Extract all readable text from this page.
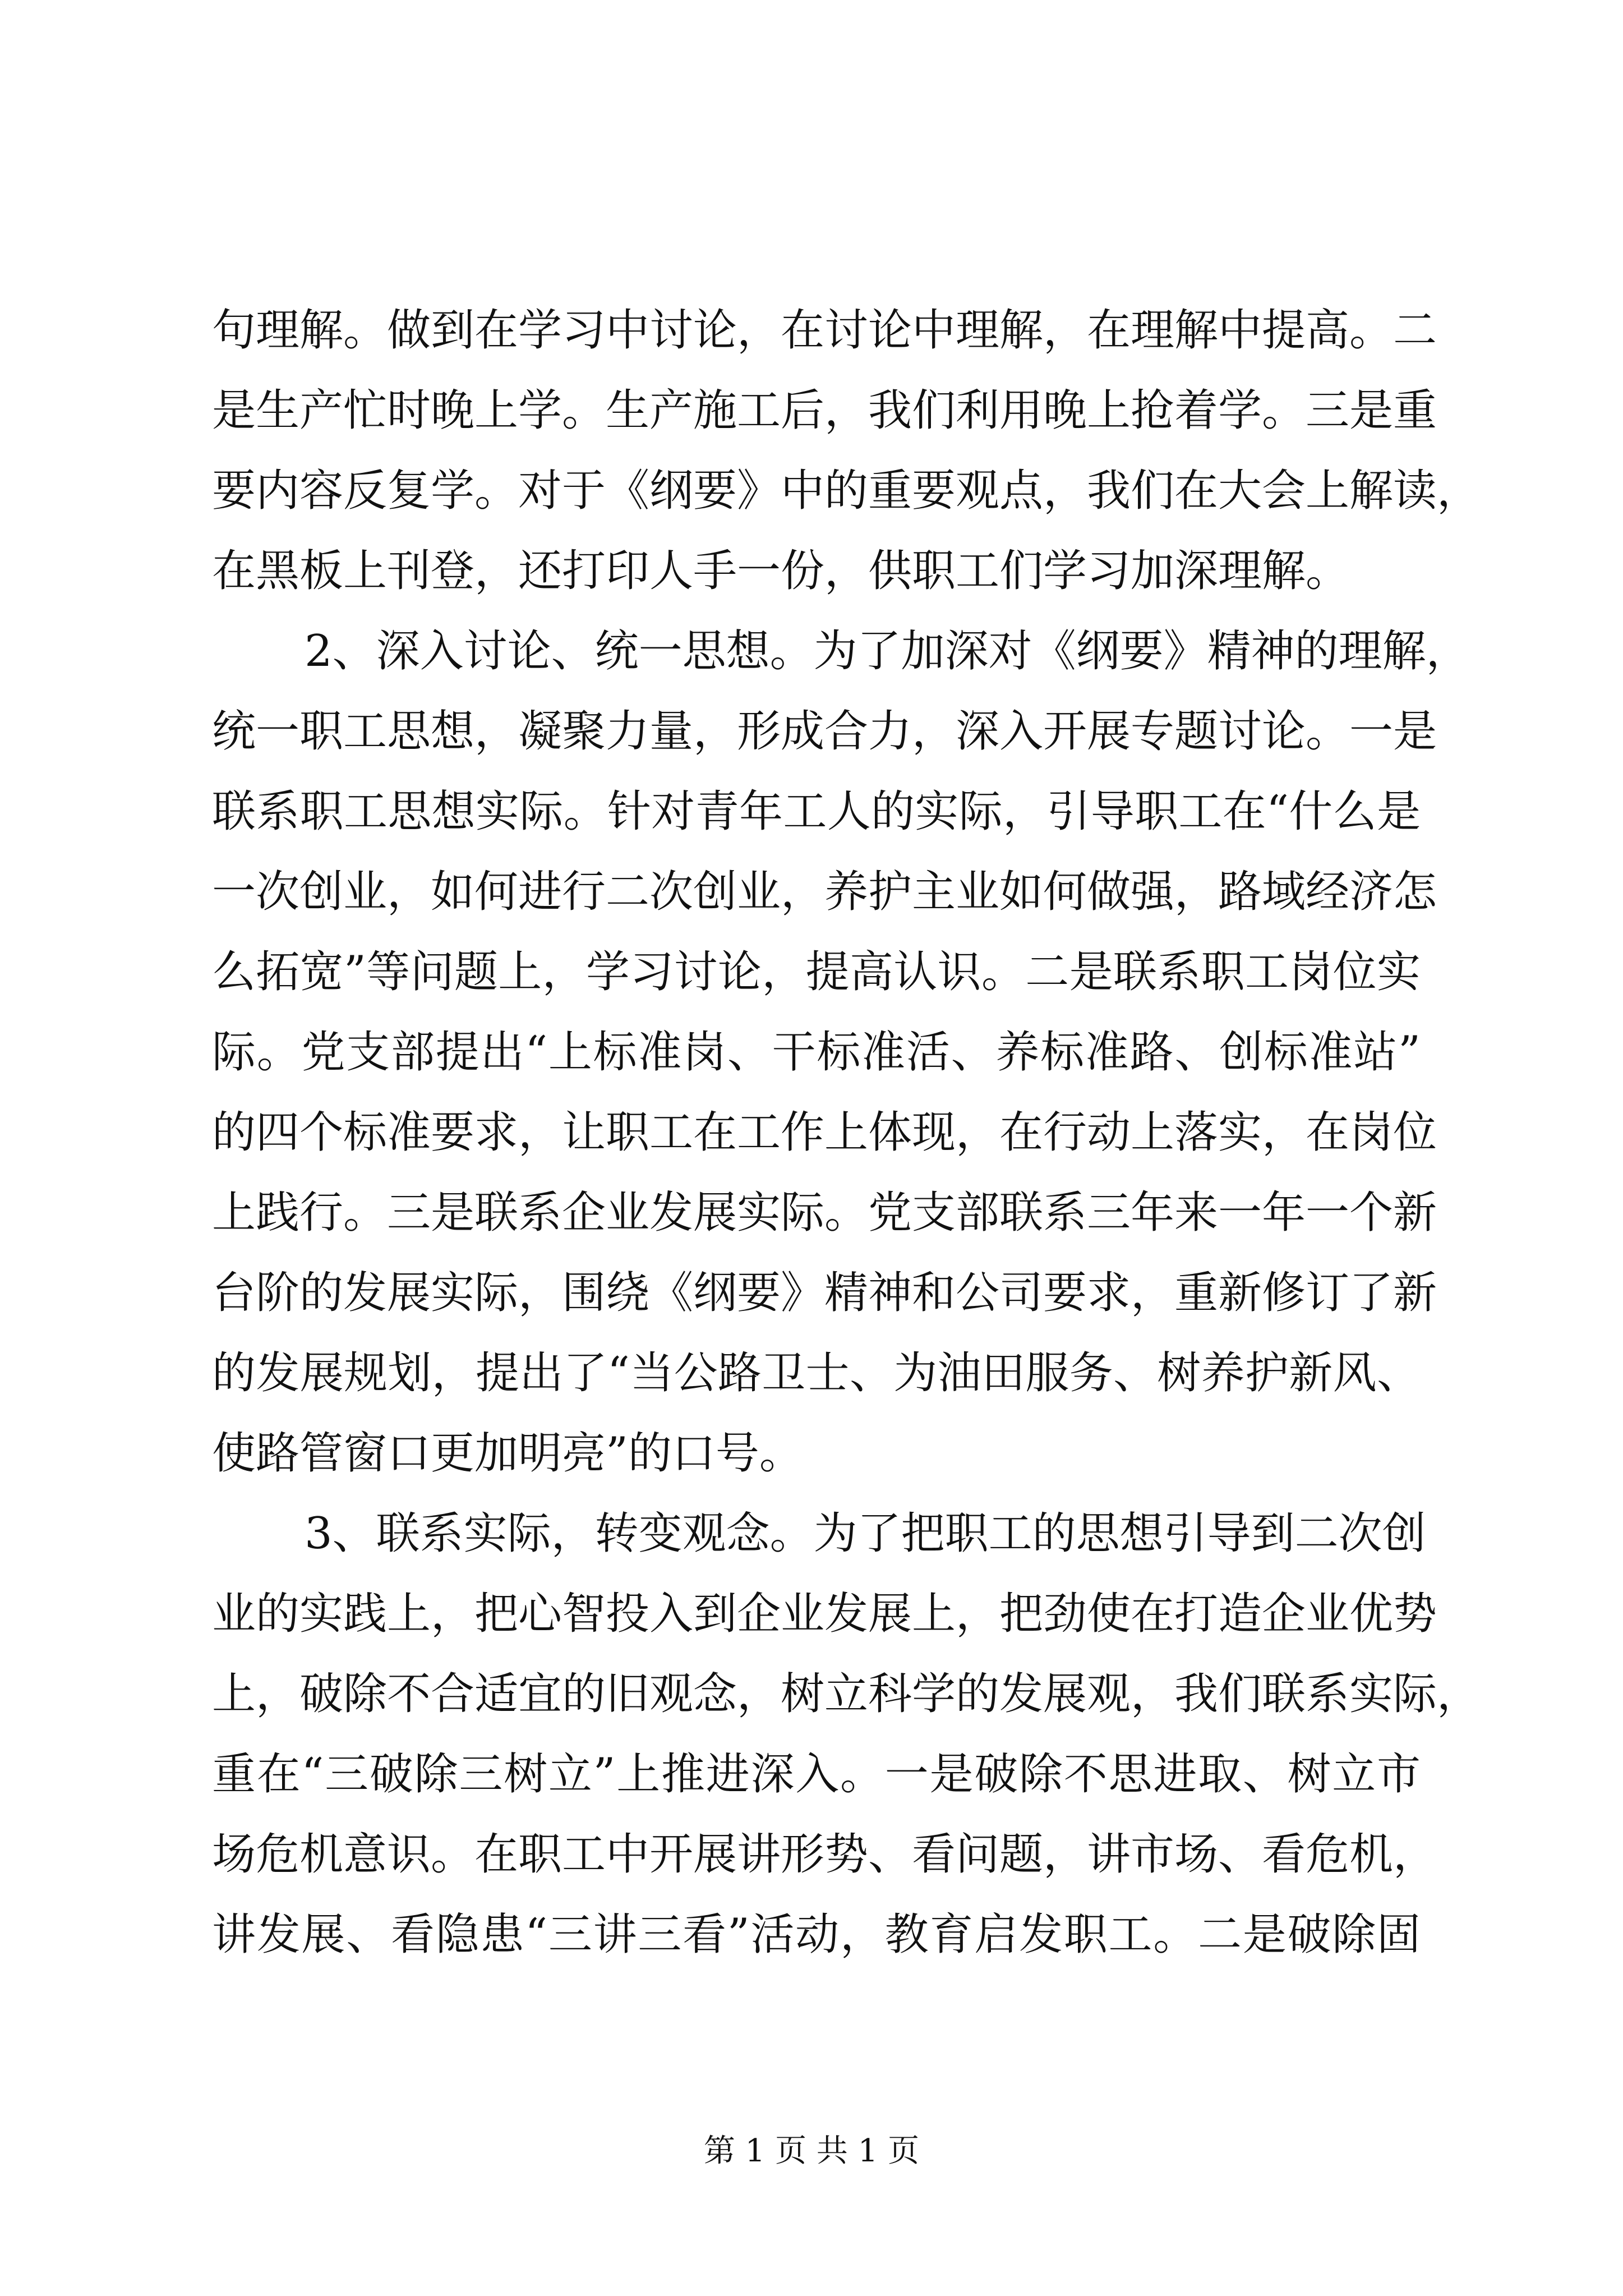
句理解。做到在学习中讨论，在讨论中理解，在理解中提高。二
是生产忙时晚上学。生产施工后，我们利用晚上抢着学。三是重
要内容反复学。对于《纲要》中的重要观点，我们在大会上解读，
在黑板上刊登，还打印人手一份，供职工们学习加深理解。
2、深入讨论、统一思想。为了加深对《纲要》精神的理解，
统一职工思想，凝聚力量，形成合力，深入开展专题讨论。一是
联系职工思想实际。针对青年工人的实际，引导职工在“什么是
一次创业，如何进行二次创业，养护主业如何做强，路域经济怎
么拓宽”等问题上，学习讨论，提高认识。二是联系职工岗位实
际。党支部提出“上标准岗、干标准活、养标准路、创标准站”
的四个标准要求，让职工在工作上体现，在行动上落实，在岗位
上践行。三是联系企业发展实际。党支部联系三年来一年一个新
台阶的发展实际，围绕《纲要》精神和公司要求，重新修订了新
的发展规划，提出了“当公路卫士、为油田服务、树养护新风、
使路管窗口更加明亮”的口号。
3、联系实际，转变观念。为了把职工的思想引导到二次创
业的实践上，把心智投入到企业发展上，把劲使在打造企业优势
上，破除不合适宜的旧观念，树立科学的发展观，我们联系实际，
重在“三破除三树立”上推进深入。一是破除不思进取、树立市
场危机意识。在职工中开展讲形势、看问题，讲市场、看危机，
讲发展、看隐患“三讲三看”活动，教育启发职工。二是破除固
第 1 页 共 1 页
